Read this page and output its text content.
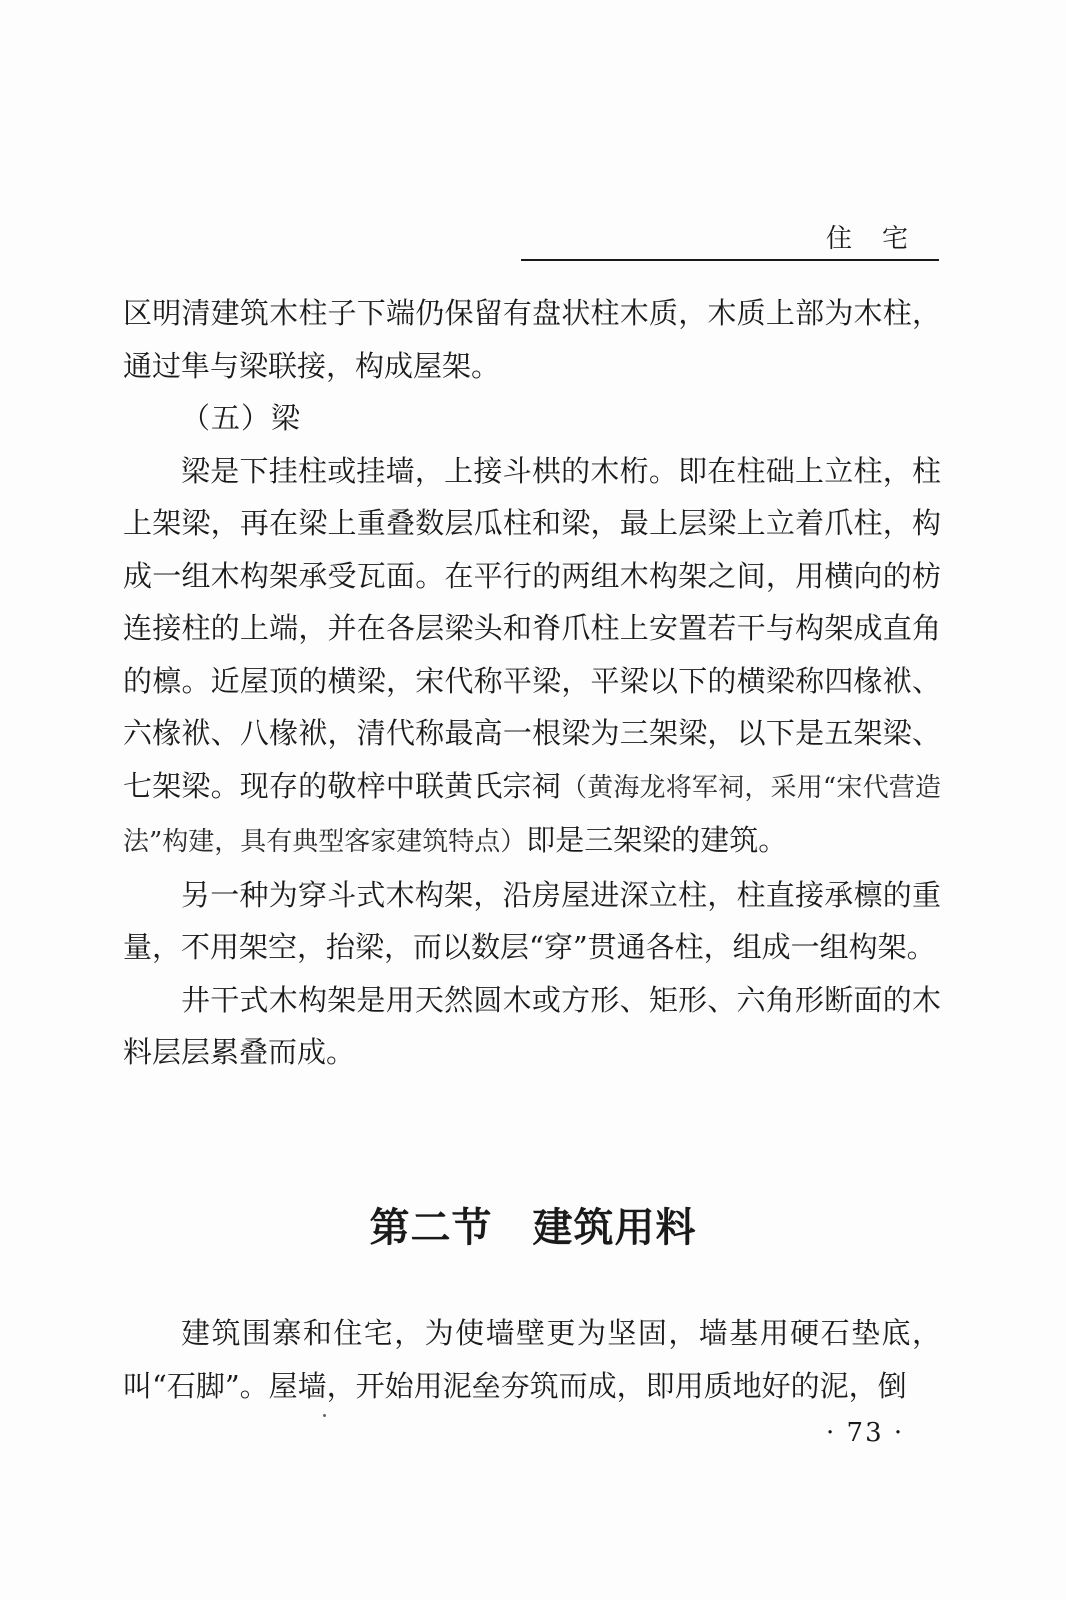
住宅

区明清建筑木柱子下端仍保留有盘状柱木质，木质上部为木柱，通过隼与梁联接，构成屋架。

（五）梁

梁是下挂柱或挂墙，上接斗栱的木桁。即在柱础上立柱，柱上架梁，再在梁上重叠数层瓜柱和梁，最上层梁上立着爪柱，构成一组木构架承受瓦面。在平行的两组木构架之间，用横向的枋连接柱的上端，并在各层梁头和脊爪柱上安置若干与构架成直角的檩。近屋顶的横梁，宋代称平梁，平梁以下的横梁称四椽袱、六椽袱、八椽袱，清代称最高一根梁为三架梁，以下是五架梁、七架梁。现存的敬梓中联黄氏宗祠（黄海龙将军祠，采用“宋代营造法”构建，具有典型客家建筑特点）即是三架梁的建筑。

另一种为穿斗式木构架，沿房屋进深立柱，柱直接承檩的重量，不用架空，抬梁，而以数层“穿”贯通各柱，组成一组构架。

井干式木构架是用天然圆木或方形、矩形、六角形断面的木料层层累叠而成。

第二节 建筑用料

建筑围寨和住宅，为使墙壁更为坚固，墙基用硬石垫底，叫“石脚”。屋墙，开始用泥垒夯筑而成，即用质地好的泥，倒

· 73 ·
